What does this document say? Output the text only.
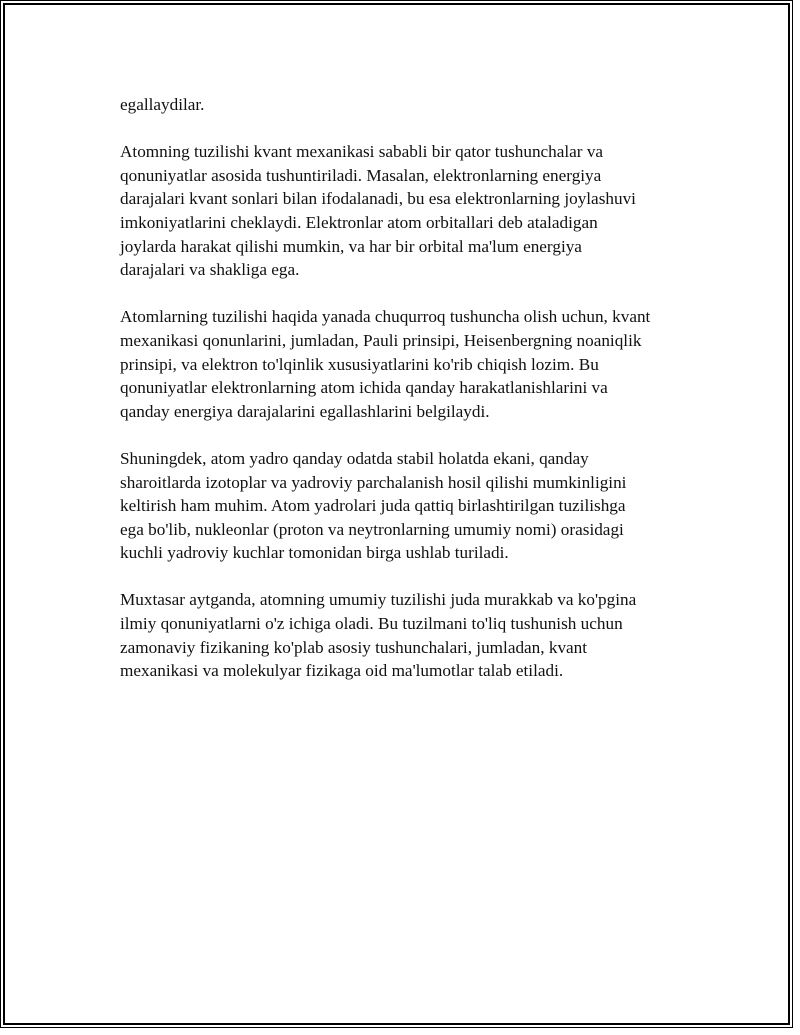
egallaydilar.
Atomning tuzilishi kvant mexanikasi sababli bir qator tushunchalar va
qonuniyatlar asosida tushuntiriladi. Masalan, elektronlarning energiya
darajalari kvant sonlari bilan ifodalanadi, bu esa elektronlarning joylashuvi
imkoniyatlarini cheklaydi. Elektronlar atom orbitallari deb ataladigan
joylarda harakat qilishi mumkin, va har bir orbital ma'lum energiya
darajalari va shakliga ega.
Atomlarning tuzilishi haqida yanada chuqurroq tushuncha olish uchun, kvant
mexanikasi qonunlarini, jumladan, Pauli prinsipi, Heisenbergning noaniqlik
prinsipi, va elektron to'lqinlik xususiyatlarini ko'rib chiqish lozim. Bu
qonuniyatlar elektronlarning atom ichida qanday harakatlanishlarini va
qanday energiya darajalarini egallashlarini belgilaydi.
Shuningdek, atom yadro qanday odatda stabil holatda ekani, qanday
sharoitlarda izotoplar va yadroviy parchalanish hosil qilishi mumkinligini
keltirish ham muhim. Atom yadrolari juda qattiq birlashtirilgan tuzilishga
ega bo'lib, nukleonlar (proton va neytronlarning umumiy nomi) orasidagi
kuchli yadroviy kuchlar tomonidan birga ushlab turiladi.
Muxtasar aytganda, atomning umumiy tuzilishi juda murakkab va ko'pgina
ilmiy qonuniyatlarni o'z ichiga oladi. Bu tuzilmani to'liq tushunish uchun
zamonaviy fizikaning ko'plab asosiy tushunchalari, jumladan, kvant
mexanikasi va molekulyar fizikaga oid ma'lumotlar talab etiladi.
